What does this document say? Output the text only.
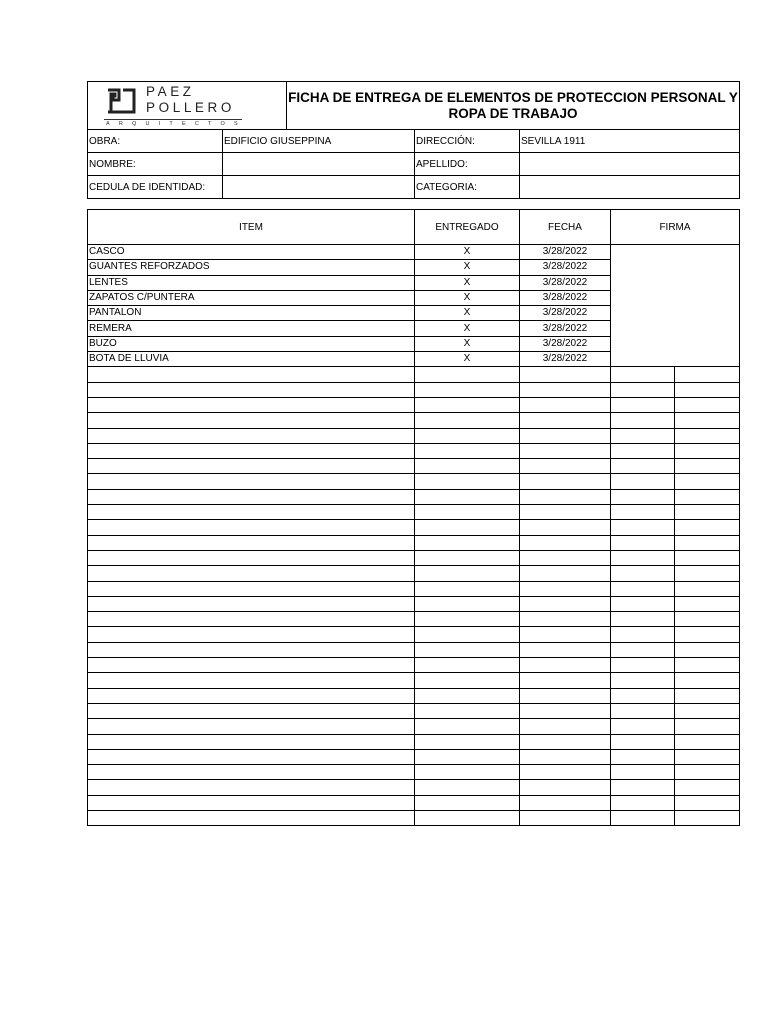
PAEZ
POLLERO
ARQUITECTOS		FICHA DE ENTREGA DE ELEMENTOS DE PROTECCION PERSONAL Y ROPA DE TRABAJO		
OBRA:	EDIFICIO GIUSEPPINA		DIRECCIÓN:	SEVILLA 1911
NOMBRE:			APELLIDO:	
CEDULA DE IDENTIDAD:			CATEGORIA:	
ITEM	ENTREGADO	FECHA	FIRMA	
CASCO	X	3/28/2022		
GUANTES REFORZADOS	X	3/28/2022		
LENTES	X	3/28/2022		
ZAPATOS C/PUNTERA	X	3/28/2022		
PANTALON	X	3/28/2022		
REMERA	X	3/28/2022		
BUZO	X	3/28/2022		
BOTA DE LLUVIA	X	3/28/2022		
